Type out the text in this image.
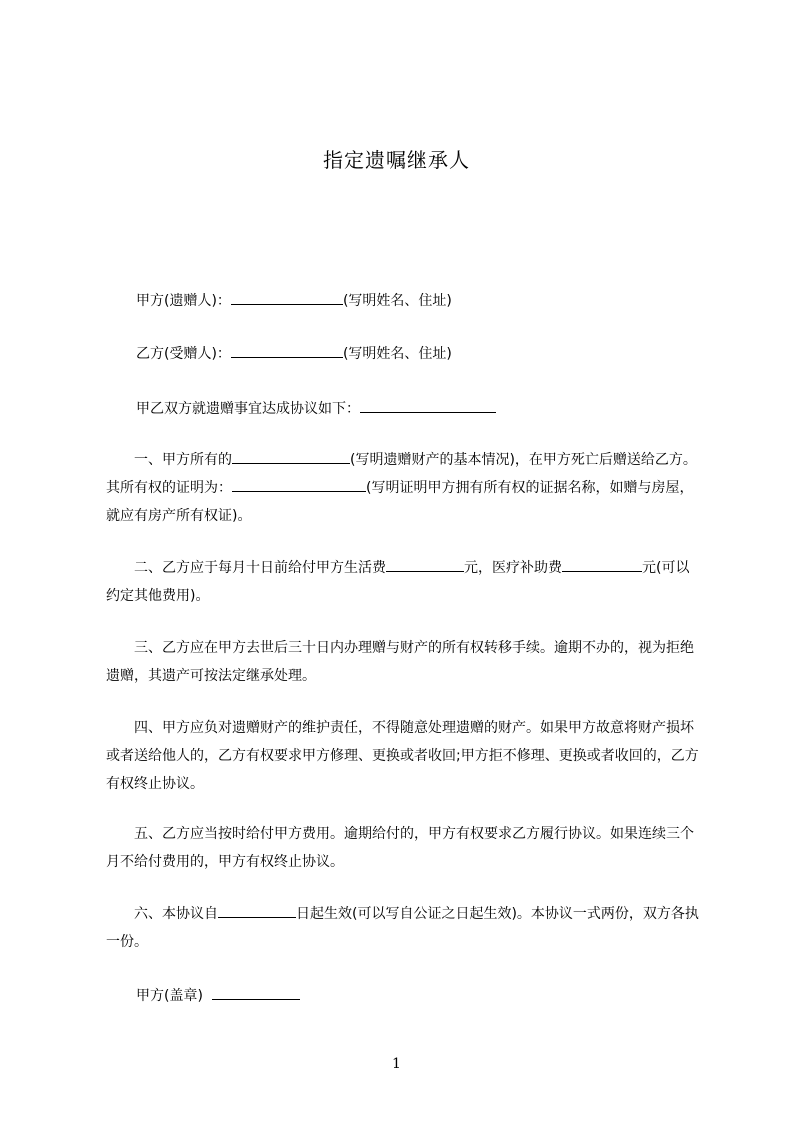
指定遗嘱继承人
甲方(遗赠人)：	(写明姓名、住址)
乙方(受赠人)：	(写明姓名、住址)
甲乙双方就遗赠事宜达成协议如下：
一、甲方所有的	(写明遗赠财产的基本情况)，在甲方死亡后赠送给乙方。其所有权的证明为：	(写明证明甲方拥有所有权的证据名称，如赠与房屋，就应有房产所有权证)。
二、乙方应于每月十日前给付甲方生活费	元，医疗补助费	元(可以约定其他费用)。
三、乙方应在甲方去世后三十日内办理赠与财产的所有权转移手续。逾期不办的，视为拒绝遗赠，其遗产可按法定继承处理。
四、甲方应负对遗赠财产的维护责任，不得随意处理遗赠的财产。如果甲方故意将财产损坏或者送给他人的，乙方有权要求甲方修理、更换或者收回;甲方拒不修理、更换或者收回的，乙方有权终止协议。
五、乙方应当按时给付甲方费用。逾期给付的，甲方有权要求乙方履行协议。如果连续三个月不给付费用的，甲方有权终止协议。
六、本协议自	日起生效(可以写自公证之日起生效)。本协议一式两份，双方各执一份。
甲方(盖章)
1
